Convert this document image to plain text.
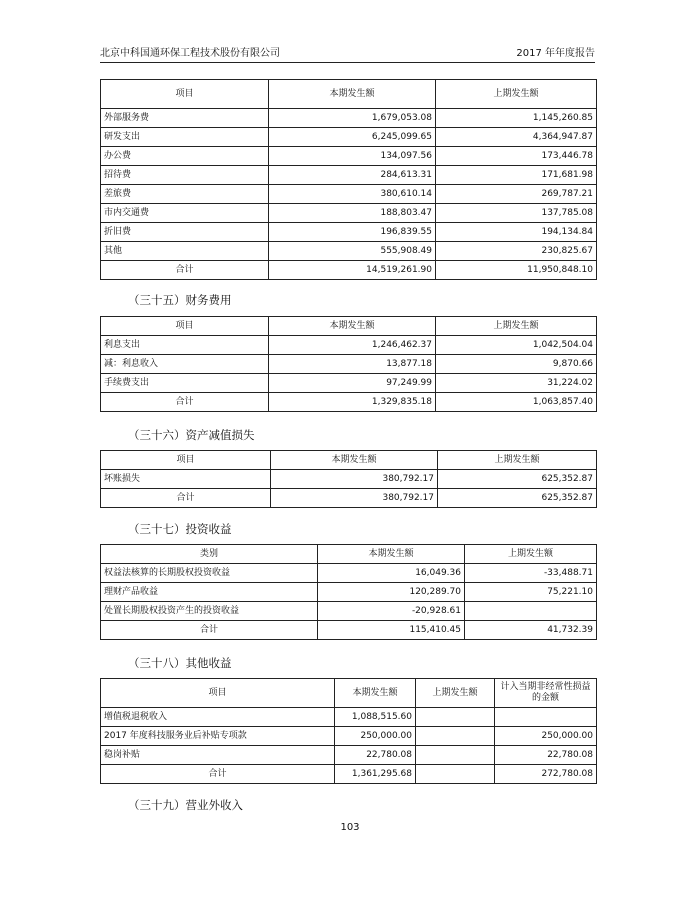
北京中科国通环保工程技术股份有限公司	2017 年年度报告
项目	本期发生额	上期发生额
外部服务费	1,679,053.08	1,145,260.85
研发支出	6,245,099.65	4,364,947.87
办公费	134,097.56	173,446.78
招待费	284,613.31	171,681.98
差旅费	380,610.14	269,787.21
市内交通费	188,803.47	137,785.08
折旧费	196,839.55	194,134.84
其他	555,908.49	230,825.67
合计	14,519,261.90	11,950,848.10
（三十五）财务费用
项目	本期发生额	上期发生额
利息支出	1,246,462.37	1,042,504.04
减：利息收入	13,877.18	9,870.66
手续费支出	97,249.99	31,224.02
合计	1,329,835.18	1,063,857.40
（三十六）资产减值损失
项目	本期发生额	上期发生额
坏账损失	380,792.17	625,352.87
合计	380,792.17	625,352.87
（三十七）投资收益
类别	本期发生额	上期发生额
权益法核算的长期股权投资收益	16,049.36	-33,488.71
理财产品收益	120,289.70	75,221.10
处置长期股权投资产生的投资收益	-20,928.61	
合计	115,410.45	41,732.39
（三十八）其他收益
项目	本期发生额	上期发生额	计入当期非经常性损益的金额
增值税退税收入	1,088,515.60		
2017 年度科技服务业后补贴专项款	250,000.00		250,000.00
稳岗补贴	22,780.08		22,780.08
合计	1,361,295.68		272,780.08
（三十九）营业外收入
103
